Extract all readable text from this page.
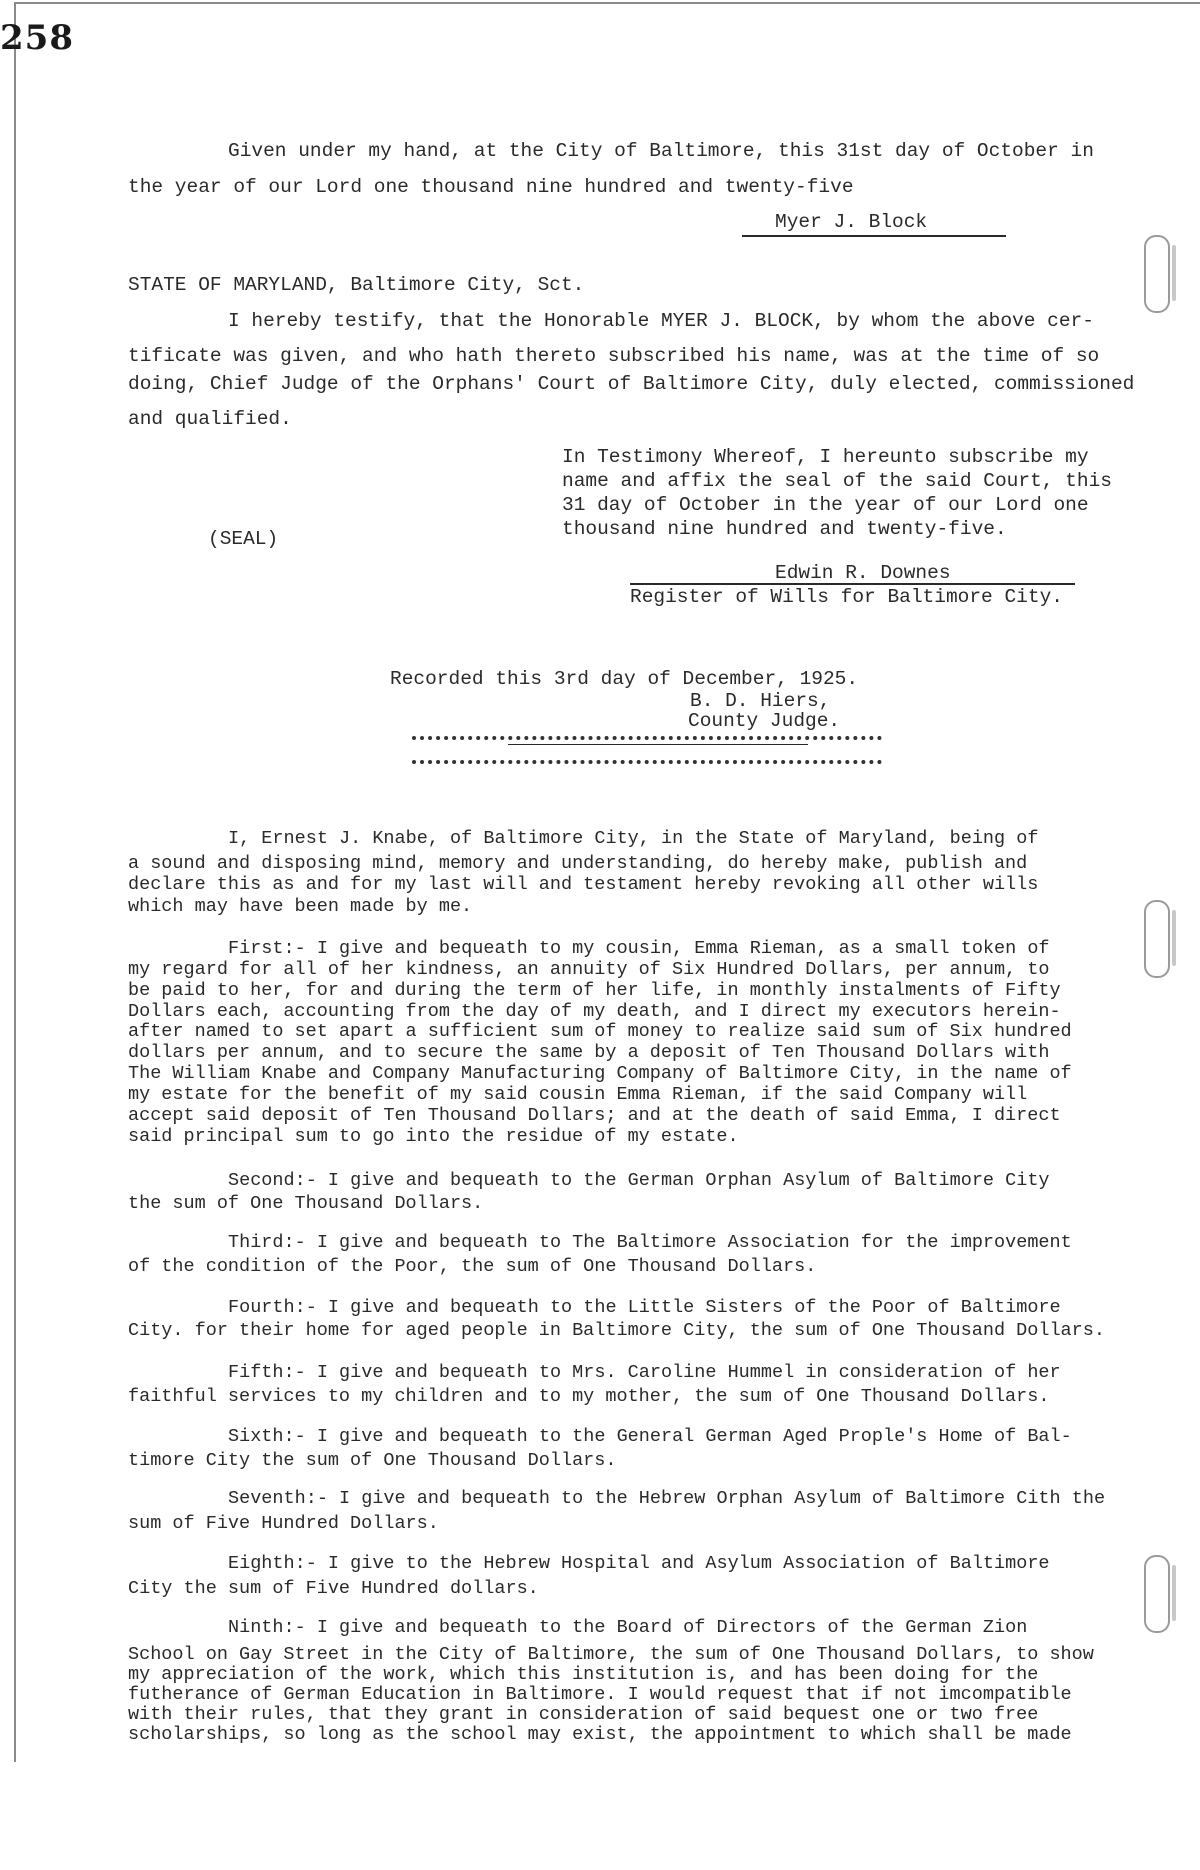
258

Given under my hand, at the City of Baltimore, this 31st day of October in

the year of our Lord one thousand nine hundred and twenty-five

Myer J. Block

STATE OF MARYLAND, Baltimore City, Sct.

I hereby testify, that the Honorable MYER J. BLOCK, by whom the above cer-

tificate was given, and who hath thereto subscribed his name, was at the time of so

doing, Chief Judge of the Orphans' Court of Baltimore City, duly elected, commissioned

and qualified.

In Testimony Whereof, I hereunto subscribe my

name and affix the seal of the said Court, this

31 day of October in the year of our Lord one

thousand nine hundred and twenty-five.

(SEAL)

Edwin R. Downes

Register of Wills for Baltimore City.

Recorded this 3rd day of December, 1925.

B. D. Hiers,

County Judge.

I, Ernest J. Knabe, of Baltimore City, in the State of Maryland, being of

a sound and disposing mind, memory and understanding, do hereby make, publish and

declare this as and for my last will and testament hereby revoking all other wills

which may have been made by me.

First:- I give and bequeath to my cousin, Emma Rieman, as a small token of

my regard for all of her kindness, an annuity of Six Hundred Dollars, per annum, to

be paid to her, for and during the term of her life, in monthly instalments of Fifty

Dollars each, accounting from the day of my death, and I direct my executors herein-

after named to set apart a sufficient sum of money to realize said sum of Six hundred

dollars per annum, and to secure the same by a deposit of Ten Thousand Dollars with

The William Knabe and Company Manufacturing Company of Baltimore City, in the name of

my estate for the benefit of my said cousin Emma Rieman, if the said Company will

accept said deposit of Ten Thousand Dollars; and at the death of said Emma, I direct

said principal sum to go into the residue of my estate.

Second:- I give and bequeath to the German Orphan Asylum of Baltimore City

the sum of One Thousand Dollars.

Third:- I give and bequeath to The Baltimore Association for the improvement

of the condition of the Poor, the sum of One Thousand Dollars.

Fourth:- I give and bequeath to the Little Sisters of the Poor of Baltimore

City. for their home for aged people in Baltimore City, the sum of One Thousand Dollars.

Fifth:- I give and bequeath to Mrs. Caroline Hummel in consideration of her

faithful services to my children and to my mother, the sum of One Thousand Dollars.

Sixth:- I give and bequeath to the General German Aged Prople's Home of Bal-

timore City the sum of One Thousand Dollars.

Seventh:- I give and bequeath to the Hebrew Orphan Asylum of Baltimore Cith the

sum of Five Hundred Dollars.

Eighth:- I give to the Hebrew Hospital and Asylum Association of Baltimore

City the sum of Five Hundred dollars.

Ninth:- I give and bequeath to the Board of Directors of the German Zion

School on Gay Street in the City of Baltimore, the sum of One Thousand Dollars, to show

my appreciation of the work, which this institution is, and has been doing for the

futherance of German Education in Baltimore. I would request that if not imcompatible

with their rules, that they grant in consideration of said bequest one or two free

scholarships, so long as the school may exist, the appointment to which shall be made
